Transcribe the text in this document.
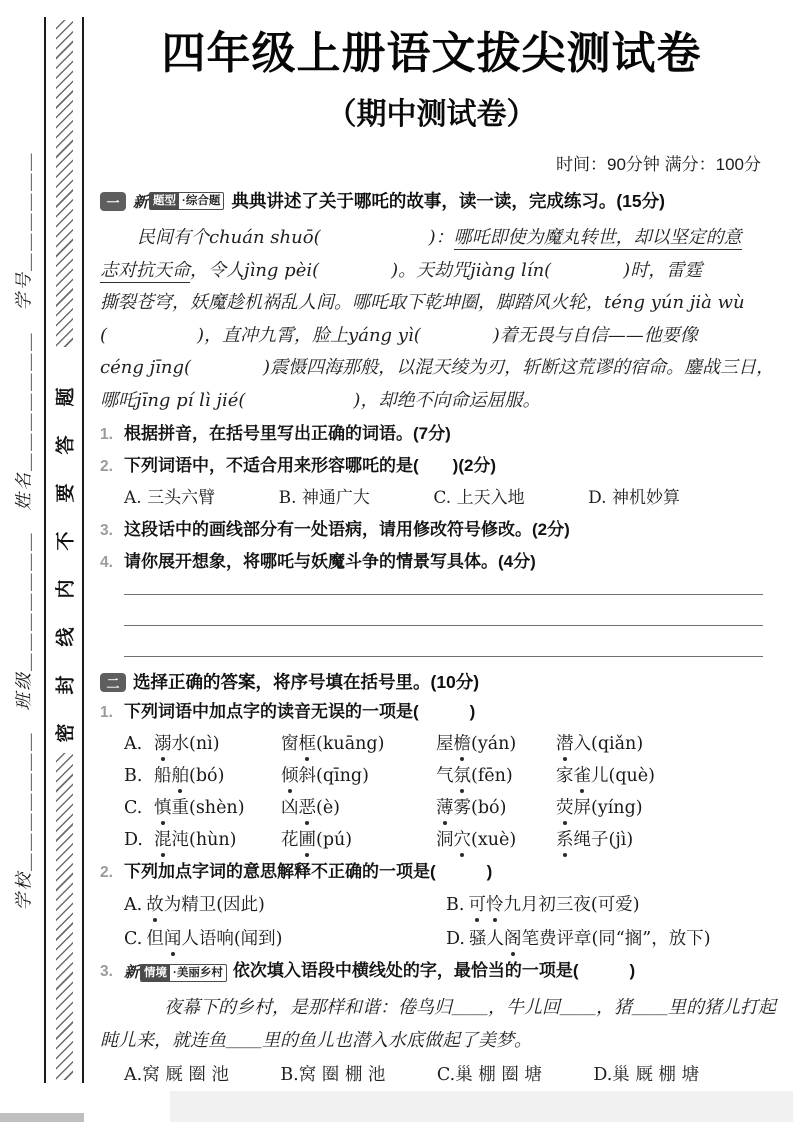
学校＿＿＿＿＿＿＿　班级＿＿＿＿＿＿＿　姓名＿＿＿＿＿＿＿　学号＿＿＿＿＿＿ 密封线内不要答题
四年级上册语文拔尖测试卷
（期中测试卷）
时间：90分钟 满分：100分
一 新 题型 ·综合题 典典讲述了关于哪吒的故事，读一读，完成练习。(15分)
民间有个chuán shuō(　　　　　　)：哪吒即使为魔丸转世，却以坚定的意
志对抗天命，令人jìng pèi(　　　　)。天劫咒jiàng lín(　　　　)时，雷霆
撕裂苍穹，妖魔趁机祸乱人间。哪吒取下乾坤圈，脚踏风火轮，téng yún jià wù
(　　　　　)，直冲九霄，脸上yáng yì(　　　　)着无畏与自信——他要像
céng jīng(　　　　)震慑四海那般，以混天绫为刃，斩断这荒谬的宿命。鏖战三日，
哪吒jīng pí lì jié(　　　　　　)，却绝不向命运屈服。
1. 根据拼音，在括号里写出正确的词语。(7分)
2. 下列词语中，不适合用来形容哪吒的是(　　)(2分)
A. 三头六臂	B. 神通广大	C. 上天入地	D. 神机妙算
3. 这段话中的画线部分有一处语病，请用修改符号修改。(2分)
4. 请你展开想象，将哪吒与妖魔斗争的情景写具体。(4分)
二 选择正确的答案，将序号填在括号里。(10分)
1. 下列词语中加点字的读音无误的一项是(　　　)
A. 溺水(nì)	窗框(kuāng)	屋檐(yán)	潜入(qiǎn)
B. 船舶(bó)	倾斜(qīng)	气氛(fēn)	家雀儿(què)
C. 慎重(shèn)	凶恶(è)	薄雾(bó)	荧屏(yíng)
D. 混沌(hùn)	花圃(pú)	洞穴(xuè)	系绳子(jì)
2. 下列加点字词的意思解释不正确的一项是(　　　)
A. 故为精卫(因此)	B. 可怜九月初三夜(可爱)
C. 但闻人语响(闻到)	D. 骚人阁笔费评章(同“搁”，放下)
3. 新 情境 ·美丽乡村 依次填入语段中横线处的字，最恰当的一项是(　　　)
夜幕下的乡村，是那样和谐：倦鸟归＿＿，牛儿回＿＿，猪＿＿里的猪儿打起
盹儿来，就连鱼＿＿里的鱼儿也潜入水底做起了美梦。
A.窝 厩 圈 池	B.窝 圈 棚 池	C.巢 棚 圈 塘	D.巢 厩 棚 塘
